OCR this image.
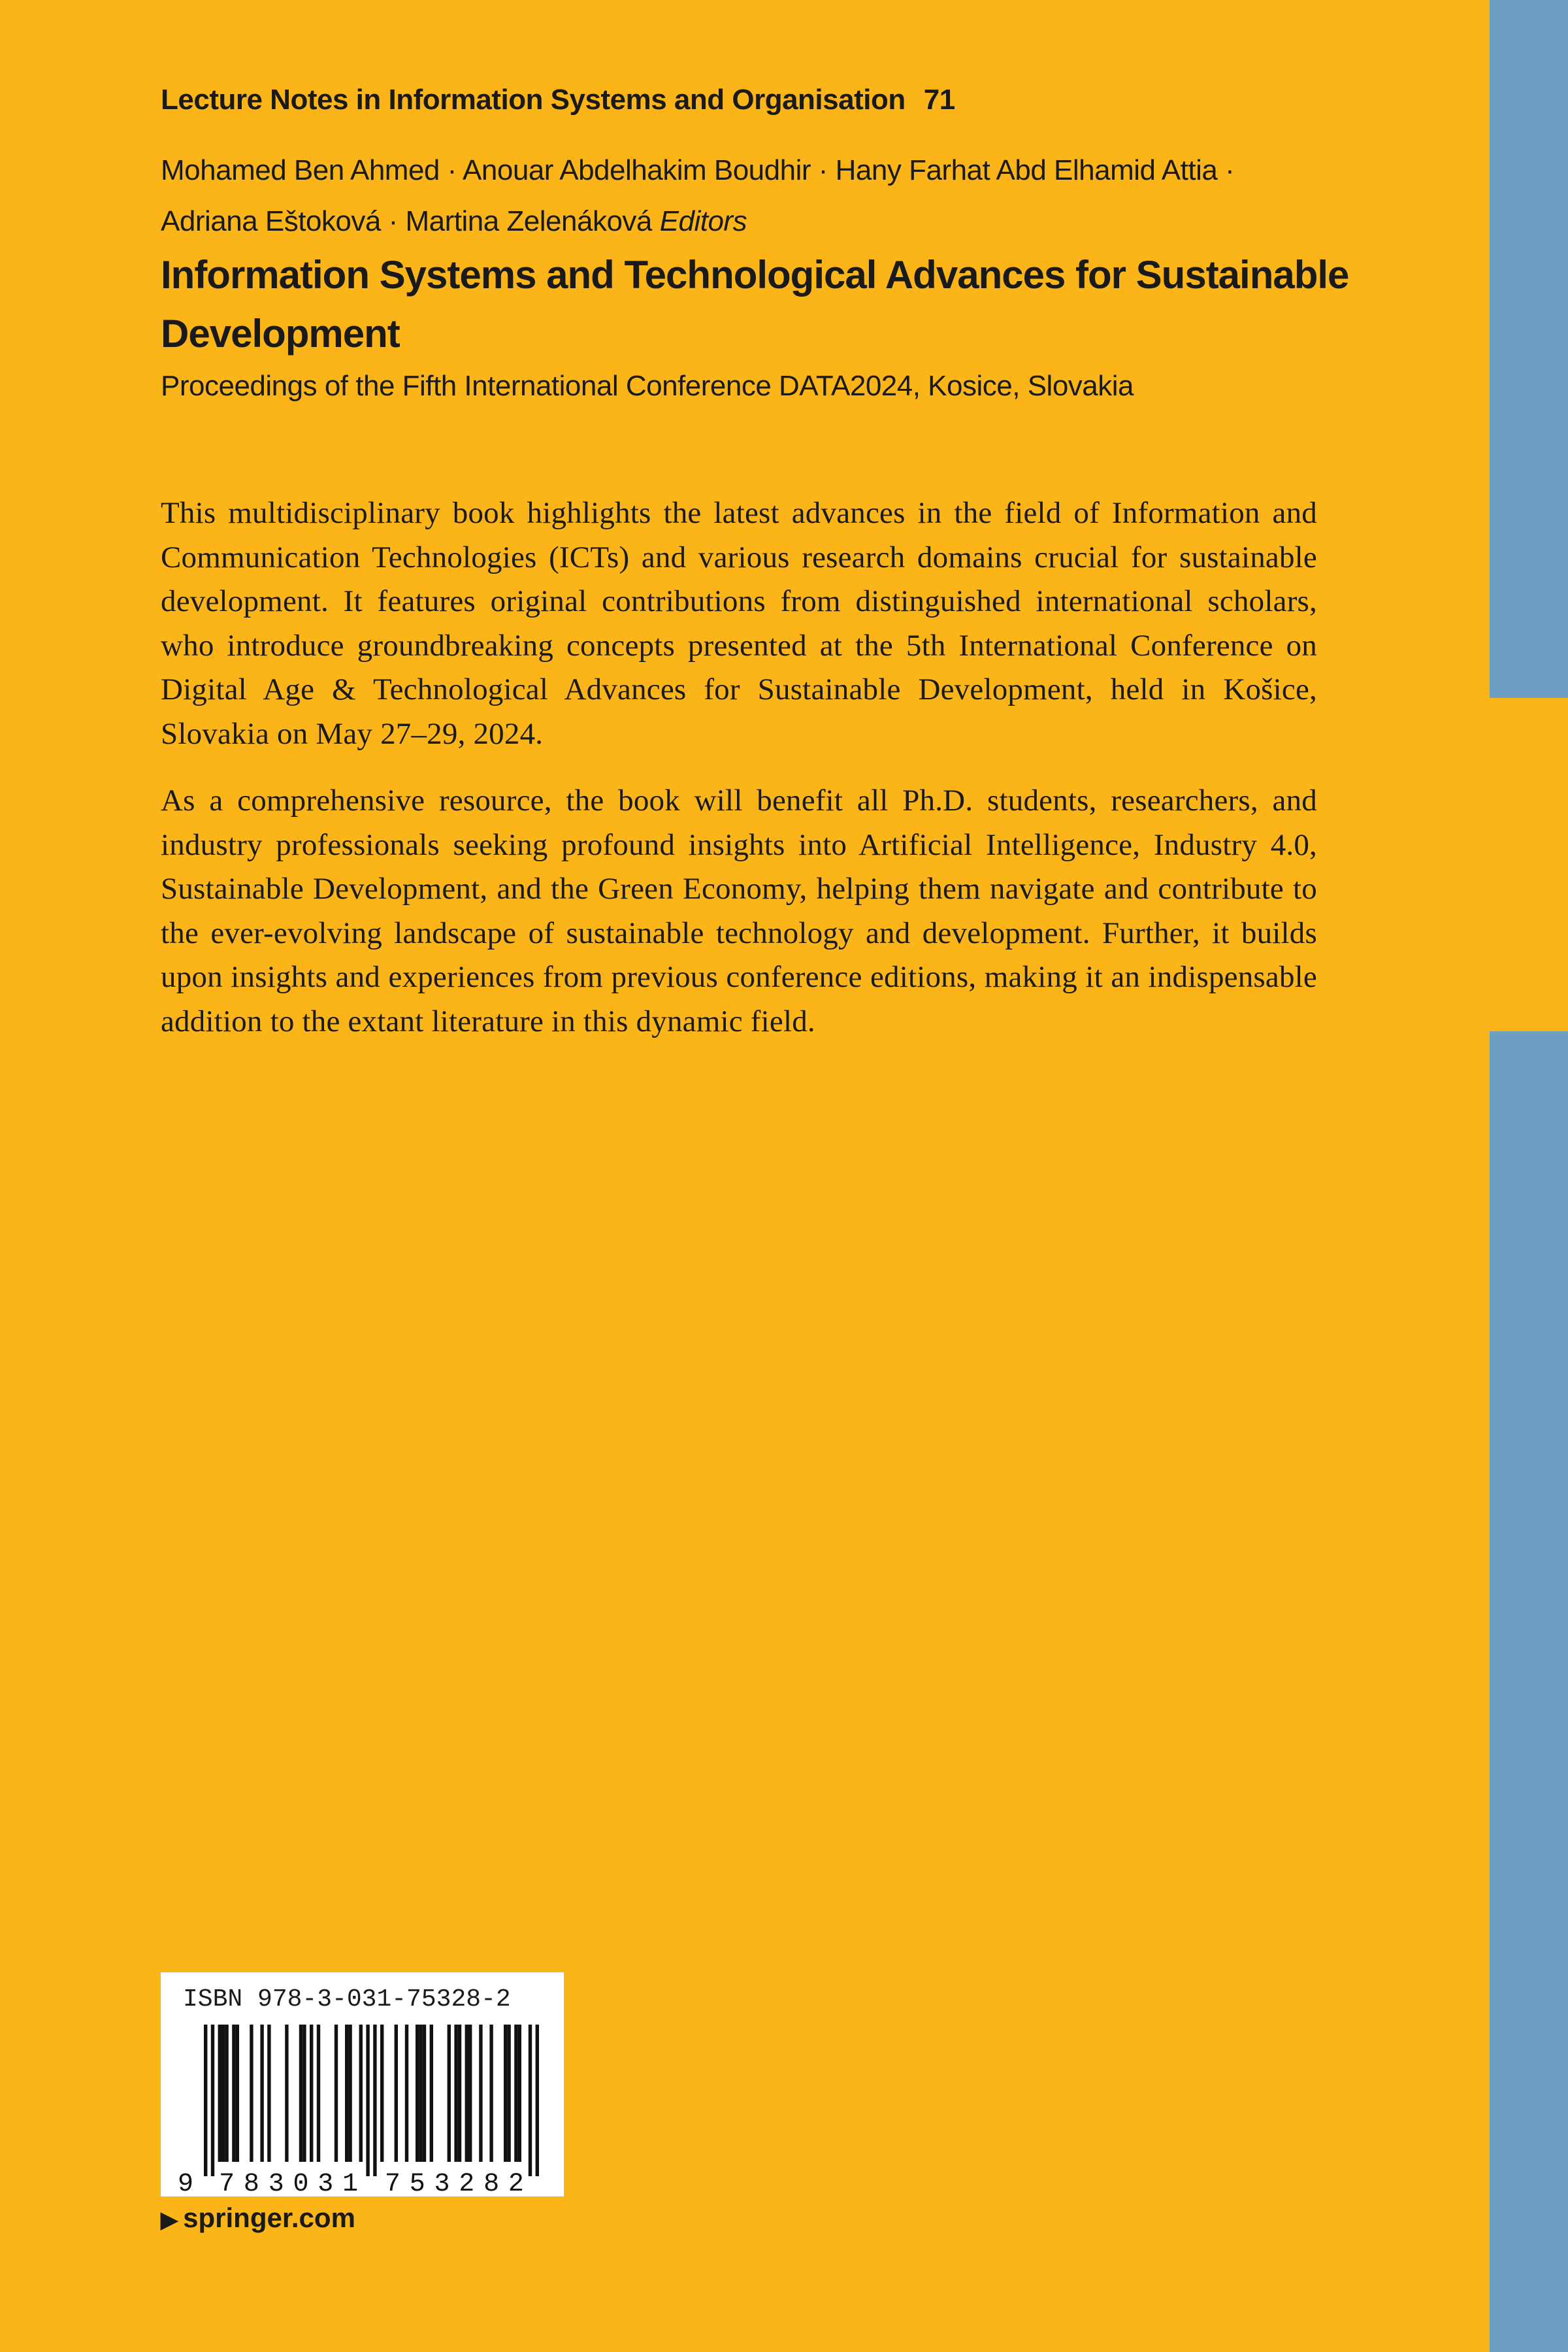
Lecture Notes in Information Systems and Organisation 71
Mohamed Ben Ahmed · Anouar Abdelhakim Boudhir · Hany Farhat Abd Elhamid Attia ·
Adriana Eštoková · Martina Zelenáková Editors
Information Systems and Technological Advances for Sustainable
Development
Proceedings of the Fifth International Conference DATA2024, Kosice, Slovakia
This multidisciplinary book highlights the latest advances in the field of Information and Communication Technologies (ICTs) and various research domains crucial for sustainable development. It features original contributions from distinguished international scholars, who introduce groundbreaking concepts presented at the 5th International Conference on Digital Age & Technological Advances for Sustainable Development, held in Košice, Slovakia on May 27–29, 2024.
As a comprehensive resource, the book will benefit all Ph.D. students, researchers, and industry professionals seeking profound insights into Artificial Intelligence, Industry 4.0, Sustainable Development, and the Green Economy, helping them navigate and contribute to the ever-evolving landscape of sustainable technology and development. Further, it builds upon insights and experiences from previous conference editions, making it an indispensable addition to the extant literature in this dynamic field.
ISBN 978-3-031-75328-2
9 7 8 3 0 3 1 7 5 3 2 8 2
▶ springer.com
